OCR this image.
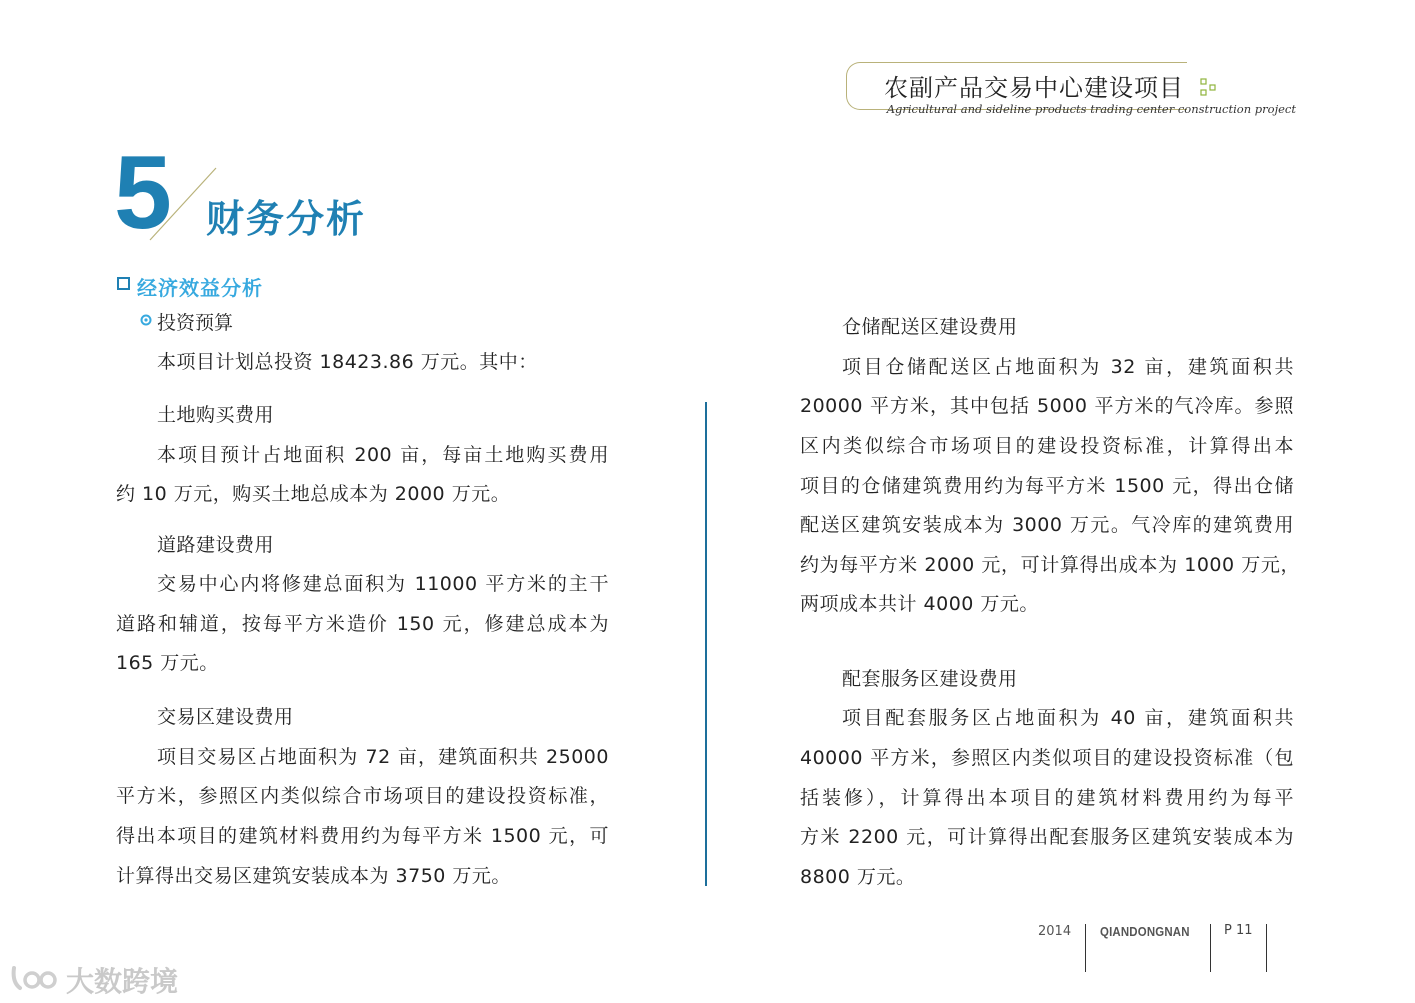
农副产品交易中心建设项目
Agricultural and sideline products trading center construction project
5 财务分析
经济效益分析
投资预算
本项目计划总投资 18423.86 万元。其中：
土地购买费用
本项目预计占地面积 200 亩，每亩土地购买费用
约 10 万元，购买土地总成本为 2000 万元。
道路建设费用
交易中心内将修建总面积为 11000 平方米的主干
道路和辅道，按每平方米造价 150 元，修建总成本为
165 万元。
交易区建设费用
项目交易区占地面积为 72 亩，建筑面积共 25000
平方米，参照区内类似综合市场项目的建设投资标准，
得出本项目的建筑材料费用约为每平方米 1500 元，可
计算得出交易区建筑安装成本为 3750 万元。
仓储配送区建设费用
项目仓储配送区占地面积为 32 亩，建筑面积共
20000 平方米，其中包括 5000 平方米的气冷库。参照
区内类似综合市场项目的建设投资标准，计算得出本
项目的仓储建筑费用约为每平方米 1500 元，得出仓储
配送区建筑安装成本为 3000 万元。气冷库的建筑费用
约为每平方米 2000 元，可计算得出成本为 1000 万元，
两项成本共计 4000 万元。
配套服务区建设费用
项目配套服务区占地面积为 40 亩，建筑面积共
40000 平方米，参照区内类似项目的建设投资标准（包
括装修），计算得出本项目的建筑材料费用约为每平
方米 2200 元，可计算得出配套服务区建筑安装成本为
8800 万元。
2014 QIANDONGNAN	P 11
大数跨境
